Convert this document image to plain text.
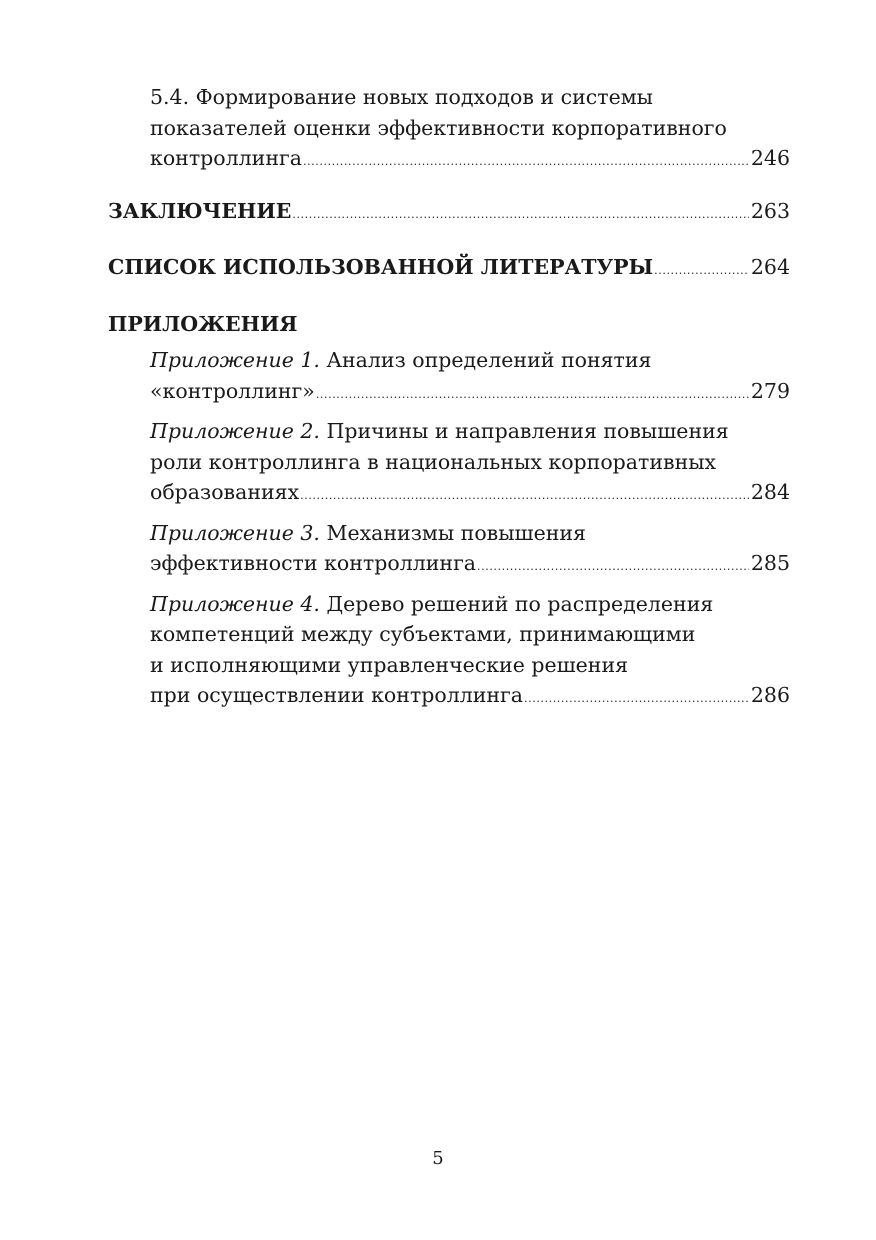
5.4. Формирование новых подходов и системы
показателей оценки эффективности корпоративного
контроллинга .....	246
ЗАКЛЮЧЕНИЕ .....	263
СПИСОК ИСПОЛЬЗОВАННОЙ ЛИТЕРАТУРЫ .....	264
ПРИЛОЖЕНИЯ
Приложение 1. Анализ определений понятия
«контроллинг» .....	279
Приложение 2. Причины и направления повышения
роли контроллинга в национальных корпоративных
образованиях .....	284
Приложение 3. Механизмы повышения
эффективности контроллинга .....	285
Приложение 4. Дерево решений по распределения
компетенций между субъектами, принимающими
и исполняющими управленческие решения
при осуществлении контроллинга .....	286
5
